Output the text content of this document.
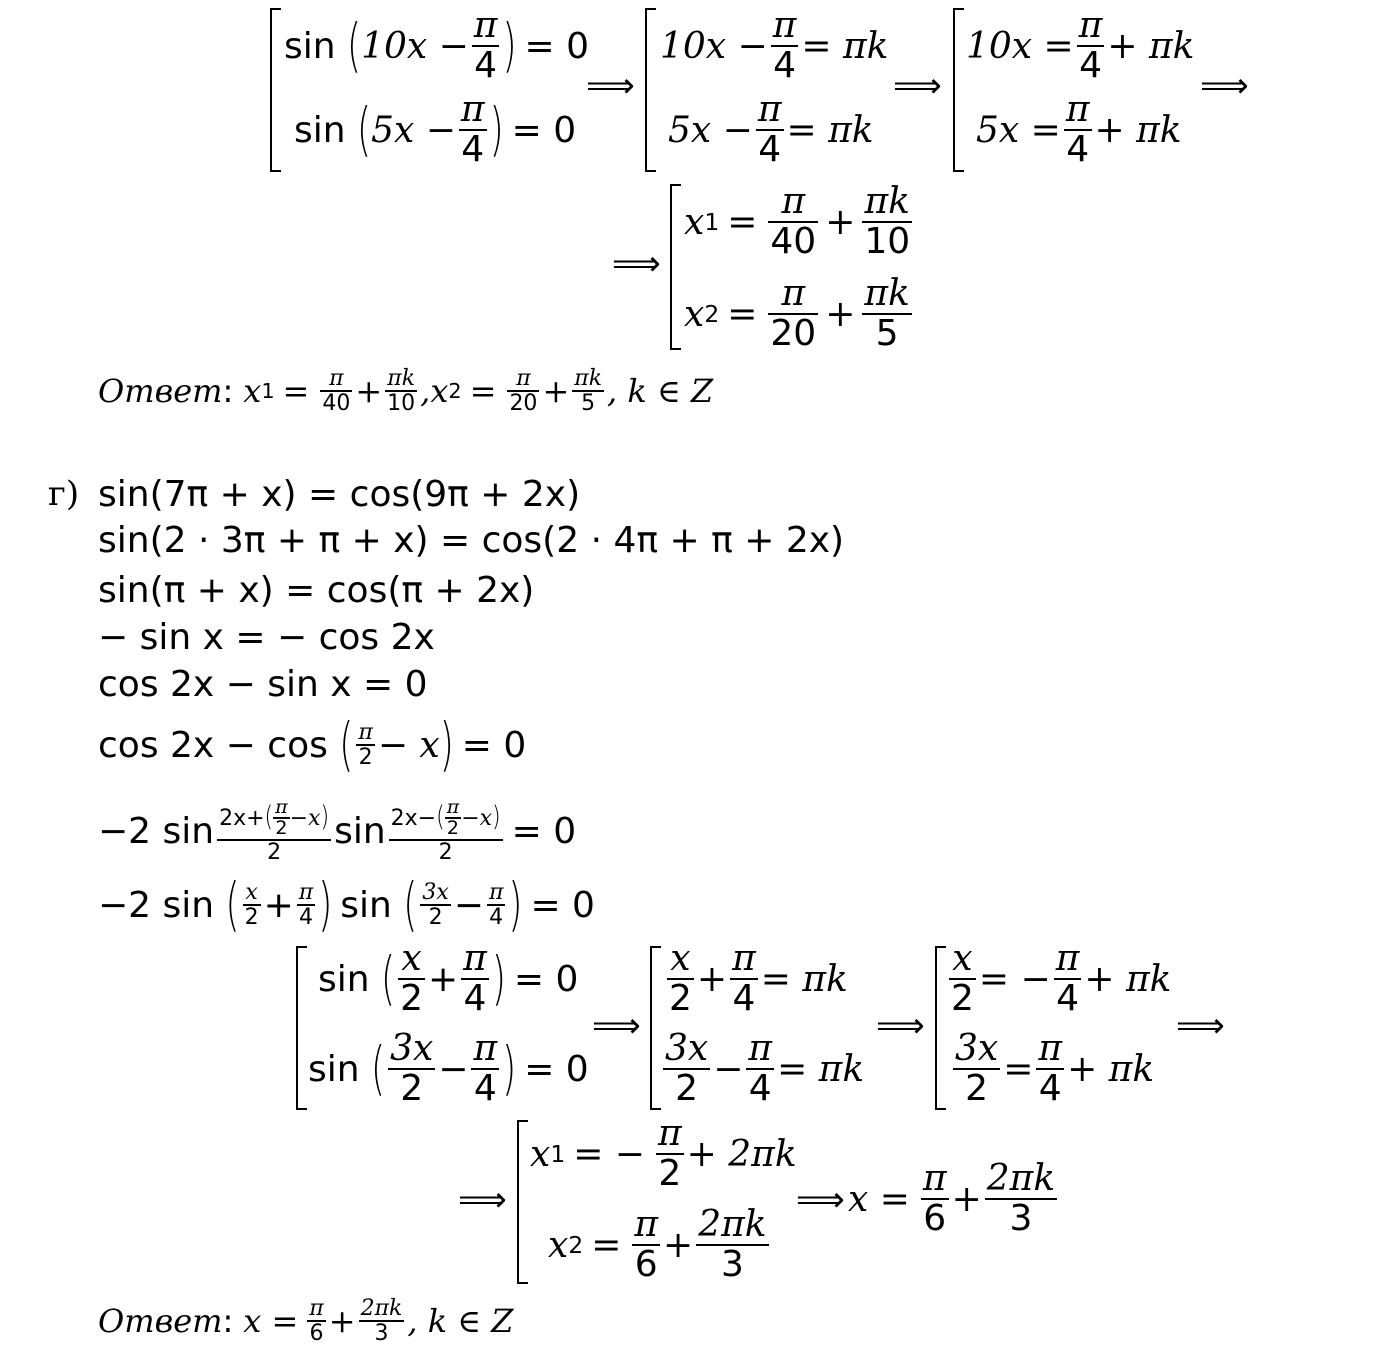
sin ( $10x - \frac{\pi}{4}$ ) = 0
sin ( $5x - \frac{\pi}{4}$ ) = 0
⟹
$10x - \frac{\pi}{4} = \pi k$
$5x - \frac{\pi}{4} = \pi k$
⟹
$10x = \frac{\pi}{4} + \pi k$
$5x = \frac{\pi}{4} + \pi k$
⟹
⟹
x $1 = \frac{\pi}{40} + \frac{\pi k}{10}$
x $2 = \frac{\pi}{20} + \frac{\pi k}{5}$
Ответ : x $1 = \frac{\pi}{40} + \frac{\pi k}{10}$ , x $2 = \frac{\pi}{20} + \frac{\pi k}{5}$ , k ∈ Z
г) sin(7π + x) = cos(9π + 2x)
sin(2 · 3π + π + x) = cos(2 · 4π + π + 2x)
sin(π + x) = cos(π + 2x)
− sin x = − cos 2x
cos 2x − sin x = 0
cos 2x − cos ( $\frac{\pi}{2} - x$ ) = 0
−2 $\sin \frac{2x+( \frac{\pi}{2} -x)}{2}$ $\sin \frac{2x-( \frac{\pi}{2} -x)}{2} = 0$
−2 sin ( $\frac{x}{2} + \frac{\pi}{4}$ ) sin ( $\frac{3x}{2} - \frac{\pi}{4}$ ) = 0
sin ( $\frac{x}{2} + \frac{\pi}{4}$ ) = 0
sin ( $\frac{3x}{2} - \frac{\pi}{4}$ ) = 0
⟹
$\frac{x}{2} + \frac{\pi}{4} = \pi k$
$\frac{3x}{2} - \frac{\pi}{4} = \pi k$
⟹
$\frac{x}{2}$ = − $\frac{\pi}{4} + \pi k$
$\frac{3x}{2} = \frac{\pi}{4} + \pi k$
⟹
⟹
x 1 = − $\frac{\pi}{2} + 2\pi k$
x $2 = \frac{\pi}{6} + \frac{2\pi k}{3}$
⟹ $x = \frac{\pi}{6} + \frac{2\pi k}{3}$
Ответ : $x = \frac{\pi}{6} + \frac{2\pi k}{3}$ , k ∈ Z
